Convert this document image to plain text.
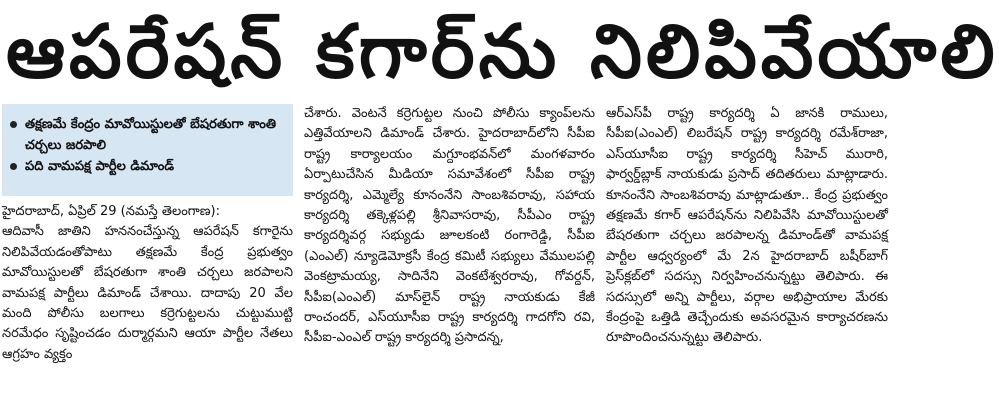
ఆపరేషన్ కగార్‌ను నిలిపివేయాలి
తక్షణమే కేంద్రం మావోయిస్టులతో బేషరతుగా శాంతి చర్చలు జరపాలి
పది వామపక్ష పార్టీల డిమాండ్

హైదరాబాద్, ఏప్రిల్ 29 (నమస్తే తెలంగాణ):

ఆదివాసీ జాతిని హననంచేస్తున్న ఆపరేషన్ కగారైను నిలిపివేయడంతోపాటు తక్షణమే కేంద్ర ప్రభుత్వం మావోయిస్టులతో బేషరతుగా శాంతి చర్చలు జరపాలని వామపక్ష పార్టీలు డిమాండ్ చేశాయి. దాదాపు 20 వేల మంది పోలీసు బలగాలు కర్రెగుట్టలను చుట్టుముట్టి నరమేధం సృష్టించడం దుర్మార్గమని ఆయా పార్టీల నేతలు ఆగ్రహం వ్యక్తం

చేశారు. వెంటనే కర్రెగుట్టల నుంచి పోలీసు క్యాంప్‌లను ఎత్తివేయాలని డిమాండ్ చేశారు. హైదరాబాద్‌లోని సీపీఐ రాష్ట్ర కార్యాలయం మగ్దూంభవన్‌లో మంగళవారం ఏర్పాటుచేసిన మీడియా సమావేశంలో సీపీఐ రాష్ట్ర కార్యదర్శి, ఎమ్మెల్యే కూనంనేని సాంబశివరావు, సహాయ కార్యదర్శి తక్కెళ్లపల్లి శ్రీనివాసరావు, సీపీఎం రాష్ట్ర కార్యదర్శివర్గ సభ్యుడు జూలకంటి రంగారెడ్డి, సీపీఐ (ఎంఎల్) న్యూడెమోక్రసీ కేంద్ర కమిటీ సభ్యులు వేములపల్లి వెంకట్రామయ్య, సాదినేని వెంకటేశ్వరరావు, గోవర్దన్, సీపీఐ(ఎంఎల్) మాస్‌లైన్ రాష్ట్ర నాయకుడు కేజీ రాంచందర్, ఎస్‌యూసీఐ రాష్ట్ర కార్యదర్శి గాదగోని రవి, సీపీఐ-ఎంఎల్ రాష్ట్ర కార్యదర్శి ప్రసాదన్న,

ఆర్ఎస్‌పీ రాష్ట్ర కార్యదర్శి ఏ జానకి రాములు, సీపీఐ(ఎంఎల్) లిబరేషన్ రాష్ట్ర కార్యదర్శి రమేశ్‌రాజా, ఎస్‌యూసీఐ రాష్ట్ర కార్యదర్శి సీహెచ్ మురారి, ఫార్వర్డ్‌బ్లాక్ నాయకుడు ప్రసాద్ తదితరులు మాట్లాడారు. కూనంనేని సాంబశివరావు మాట్లాడుతూ.. కేంద్ర ప్రభుత్వం తక్షణమే కగార్ ఆపరేషన్‌ను నిలిపివేసి మావోయిస్టులతో బేషరతుగా చర్చలు జరపాలన్న డిమాండ్‌తో వామపక్ష పార్టీల ఆధ్వర్యంలో మే 2న హైదరాబాద్ బషీర్‌బాగ్ ప్రెస్‌క్లబ్‌లో సదస్సు నిర్వహించనున్నట్టు తెలిపారు. ఈ సదస్సులో అన్ని పార్టీలు, వర్గాల అభిప్రాయాల మేరకు కేంద్రంపై ఒత్తిడి తెచ్చేందుకు అవసరమైన కార్యాచరణను రూపొందించనున్నట్టు తెలిపారు.
